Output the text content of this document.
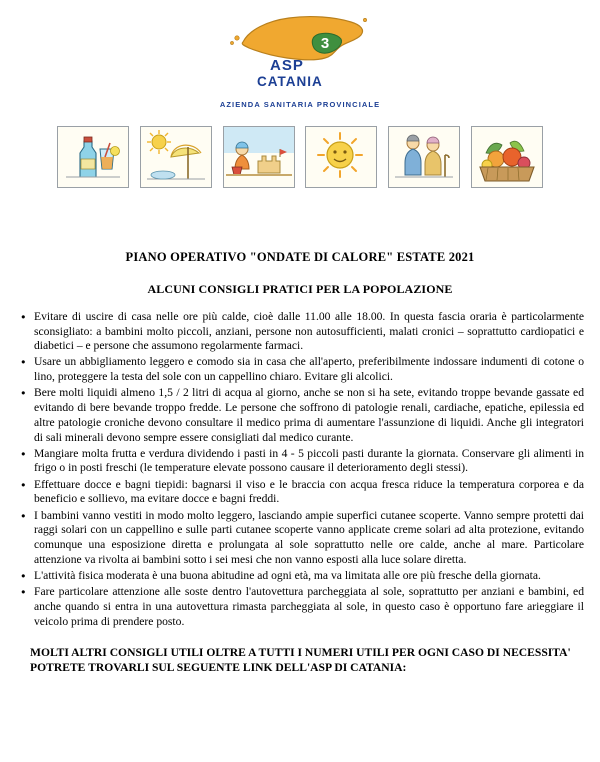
3
ASP
CATANIA
AZIENDA SANITARIA PROVINCIALE
PIANO OPERATIVO "ONDATE DI CALORE" ESTATE 2021
ALCUNI CONSIGLI PRATICI PER LA POPOLAZIONE
● Evitare di uscire di casa nelle ore più calde, cioè dalle 11.00 alle 18.00. In questa fascia oraria è particolarmente sconsigliato: a bambini molto piccoli, anziani, persone non autosufficienti, malati cronici – soprattutto cardiopatici e diabetici – e persone che assumono regolarmente farmaci.
● Usare un abbigliamento leggero e comodo sia in casa che all'aperto, preferibilmente indossare indumenti di cotone o lino, proteggere la testa del sole con un cappellino chiaro. Evitare gli alcolici.
● Bere molti liquidi almeno 1,5 / 2 litri di acqua al giorno, anche se non si ha sete, evitando troppe bevande gassate ed evitando di bere bevande troppo fredde. Le persone che soffrono di patologie renali, cardiache, epatiche, epilessia ed altre patologie croniche devono consultare il medico prima di aumentare l'assunzione di liquidi. Anche gli integratori di sali minerali devono sempre essere consigliati dal medico curante.
● Mangiare molta frutta e verdura dividendo i pasti in 4 - 5 piccoli pasti durante la giornata. Conservare gli alimenti in frigo o in posti freschi (le temperature elevate possono causare il deterioramento degli stessi).
● Effettuare docce e bagni tiepidi: bagnarsi il viso e le braccia con acqua fresca riduce la temperatura corporea e da beneficio e sollievo, ma evitare docce e bagni freddi.
● I bambini vanno vestiti in modo molto leggero, lasciando ampie superfici cutanee scoperte. Vanno sempre protetti dai raggi solari con un cappellino e sulle parti cutanee scoperte vanno applicate creme solari ad alta protezione, evitando comunque una esposizione diretta e prolungata al sole soprattutto nelle ore calde, anche al mare. Particolare attenzione va rivolta ai bambini sotto i sei mesi che non vanno esposti alla luce solare diretta.
● L'attività fisica moderata è una buona abitudine ad ogni età, ma va limitata alle ore più fresche della giornata.
● Fare particolare attenzione alle soste dentro l'autovettura parcheggiata al sole, soprattutto per anziani e bambini, ed anche quando si entra in una autovettura rimasta parcheggiata al sole, in questo caso è opportuno fare arieggiare il veicolo prima di prendere posto.
MOLTI ALTRI CONSIGLI UTILI OLTRE A TUTTI I NUMERI UTILI PER OGNI CASO DI NECESSITA' POTRETE TROVARLI SUL SEGUENTE LINK DELL'ASP DI CATANIA:
